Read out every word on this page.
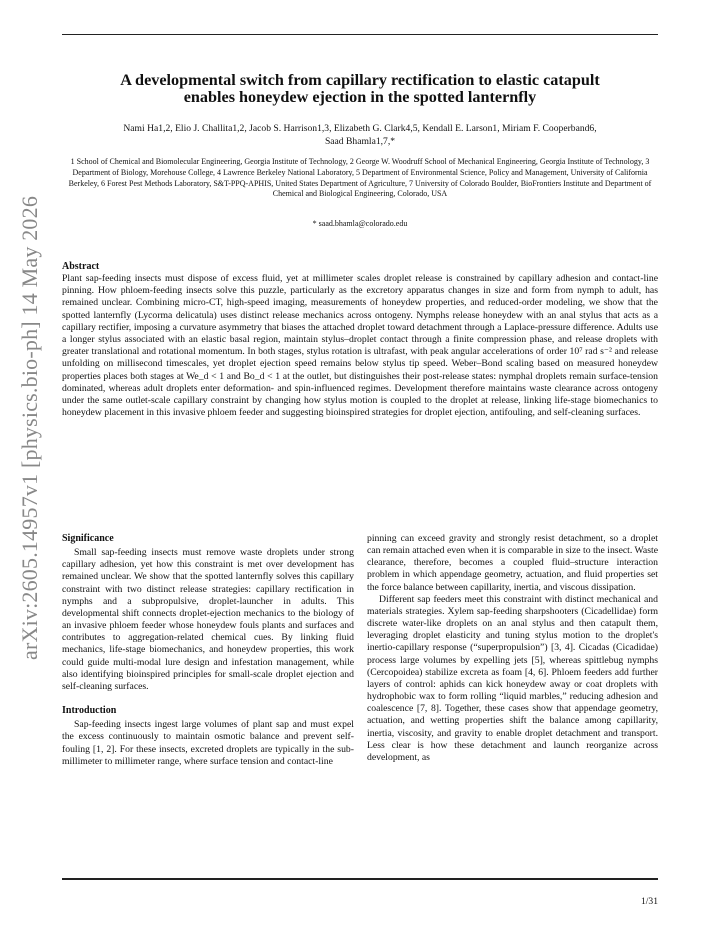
arXiv:2605.14957v1 [physics.bio-ph] 14 May 2026
A developmental switch from capillary rectification to elastic catapult
enables honeydew ejection in the spotted lanternfly
Nami Ha1,2, Elio J. Challita1,2, Jacob S. Harrison1,3, Elizabeth G. Clark4,5, Kendall E. Larson1, Miriam F. Cooperband6,
Saad Bhamla1,7,*
1 School of Chemical and Biomolecular Engineering, Georgia Institute of Technology, 2 George W. Woodruff School of Mechanical Engineering, Georgia Institute of Technology, 3 Department of Biology, Morehouse College, 4 Lawrence Berkeley National Laboratory, 5 Department of Environmental Science, Policy and Management, University of California Berkeley, 6 Forest Pest Methods Laboratory, S&T-PPQ-APHIS, United States Department of Agriculture, 7 University of Colorado Boulder, BioFrontiers Institute and Department of Chemical and Biological Engineering, Colorado, USA
* saad.bhamla@colorado.edu
Abstract

Plant sap-feeding insects must dispose of excess fluid, yet at millimeter scales droplet release is constrained by capillary adhesion and contact-line pinning. How phloem-feeding insects solve this puzzle, particularly as the excretory apparatus changes in size and form from nymph to adult, has remained unclear. Combining micro-CT, high-speed imaging, measurements of honeydew properties, and reduced-order modeling, we show that the spotted lanternfly (Lycorma delicatula) uses distinct release mechanics across ontogeny. Nymphs release honeydew with an anal stylus that acts as a capillary rectifier, imposing a curvature asymmetry that biases the attached droplet toward detachment through a Laplace-pressure difference. Adults use a longer stylus associated with an elastic basal region, maintain stylus–droplet contact through a finite compression phase, and release droplets with greater translational and rotational momentum. In both stages, stylus rotation is ultrafast, with peak angular accelerations of order 10⁷ rad s⁻² and release unfolding on millisecond timescales, yet droplet ejection speed remains below stylus tip speed. Weber–Bond scaling based on measured honeydew properties places both stages at We_d < 1 and Bo_d < 1 at the outlet, but distinguishes their post-release states: nymphal droplets remain surface-tension dominated, whereas adult droplets enter deformation- and spin-influenced regimes. Development therefore maintains waste clearance across ontogeny under the same outlet-scale capillary constraint by changing how stylus motion is coupled to the droplet at release, linking life-stage biomechanics to honeydew placement in this invasive phloem feeder and suggesting bioinspired strategies for droplet ejection, antifouling, and self-cleaning surfaces.

Significance

Small sap-feeding insects must remove waste droplets under strong capillary adhesion, yet how this constraint is met over development has remained unclear. We show that the spotted lanternfly solves this capillary constraint with two distinct release strategies: capillary rectification in nymphs and a subpropulsive, droplet-launcher in adults. This developmental shift connects droplet-ejection mechanics to the biology of an invasive phloem feeder whose honeydew fouls plants and surfaces and contributes to aggregation-related chemical cues. By linking fluid mechanics, life-stage biomechanics, and honeydew properties, this work could guide multi-modal lure design and infestation management, while also identifying bioinspired principles for small-scale droplet ejection and self-cleaning surfaces.

Introduction

Sap-feeding insects ingest large volumes of plant sap and must expel the excess continuously to maintain osmotic balance and prevent self-fouling [1, 2]. For these insects, excreted droplets are typically in the sub-millimeter to millimeter range, where surface tension and contact-line

pinning can exceed gravity and strongly resist detachment, so a droplet can remain attached even when it is comparable in size to the insect. Waste clearance, therefore, becomes a coupled fluid–structure interaction problem in which appendage geometry, actuation, and fluid properties set the force balance between capillarity, inertia, and viscous dissipation.

Different sap feeders meet this constraint with distinct mechanical and materials strategies. Xylem sap-feeding sharpshooters (Cicadellidae) form discrete water-like droplets on an anal stylus and then catapult them, leveraging droplet elasticity and tuning stylus motion to the droplet's inertio-capillary response (“superpropulsion”) [3, 4]. Cicadas (Cicadidae) process large volumes by expelling jets [5], whereas spittlebug nymphs (Cercopoidea) stabilize excreta as foam [4, 6]. Phloem feeders add further layers of control: aphids can kick honeydew away or coat droplets with hydrophobic wax to form rolling “liquid marbles,” reducing adhesion and coalescence [7, 8]. Together, these cases show that appendage geometry, actuation, and wetting properties shift the balance among capillarity, inertia, viscosity, and gravity to enable droplet detachment and transport. Less clear is how these detachment and launch reorganize across development, as

1/31
